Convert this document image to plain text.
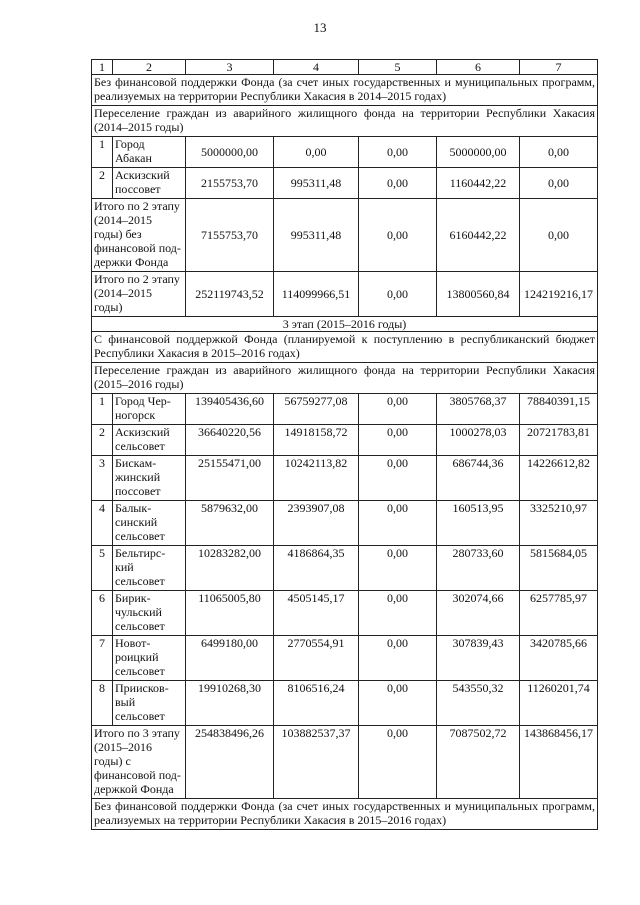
13
1	2	3	4	5	6	7
Без финансовой поддержки Фонда (за счет иных государственных и муниципальных программ, реализуемых на территории Республики Хакасия в 2014–2015 годах)						
Переселение граждан из аварийного жилищного фонда на территории Республики Хакасия (2014–2015 годы)						
1	Город Абакан	5000000,00	0,00	0,00	5000000,00	0,00
2	Аскизский поссовет	2155753,70	995311,48	0,00	1160442,22	0,00
Итого по 2 этапу (2014–2015 годы) без финансовой под-держки Фонда		7155753,70	995311,48	0,00	6160442,22	0,00
Итого по 2 этапу (2014–2015 годы)		252119743,52	114099966,51	0,00	13800560,84	124219216,17
3 этап (2015–2016 годы)						
С финансовой поддержкой Фонда (планируемой к поступлению в республиканский бюджет Республики Хакасия в 2015–2016 годах)						
Переселение граждан из аварийного жилищного фонда на территории Республики Хакасия (2015–2016 годы)						
1	Город Чер-ногорск	139405436,60	56759277,08	0,00	3805768,37	78840391,15
2	Аскизский сельсовет	36640220,56	14918158,72	0,00	1000278,03	20721783,81
3	Бискам-жинский поссовет	25155471,00	10242113,82	0,00	686744,36	14226612,82
4	Балык-синский сельсовет	5879632,00	2393907,08	0,00	160513,95	3325210,97
5	Бельтирс-кий сельсовет	10283282,00	4186864,35	0,00	280733,60	5815684,05
6	Бирик-чульский сельсовет	11065005,80	4505145,17	0,00	302074,66	6257785,97
7	Новот-роицкий сельсовет	6499180,00	2770554,91	0,00	307839,43	3420785,66
8	Приисков-вый сельсовет	19910268,30	8106516,24	0,00	543550,32	11260201,74
Итого по 3 этапу (2015–2016 годы) с финансовой под-держкой Фонда		254838496,26	103882537,37	0,00	7087502,72	143868456,17
Без финансовой поддержки Фонда (за счет иных государственных и муниципальных программ, реализуемых на территории Республики Хакасия в 2015–2016 годах)						
